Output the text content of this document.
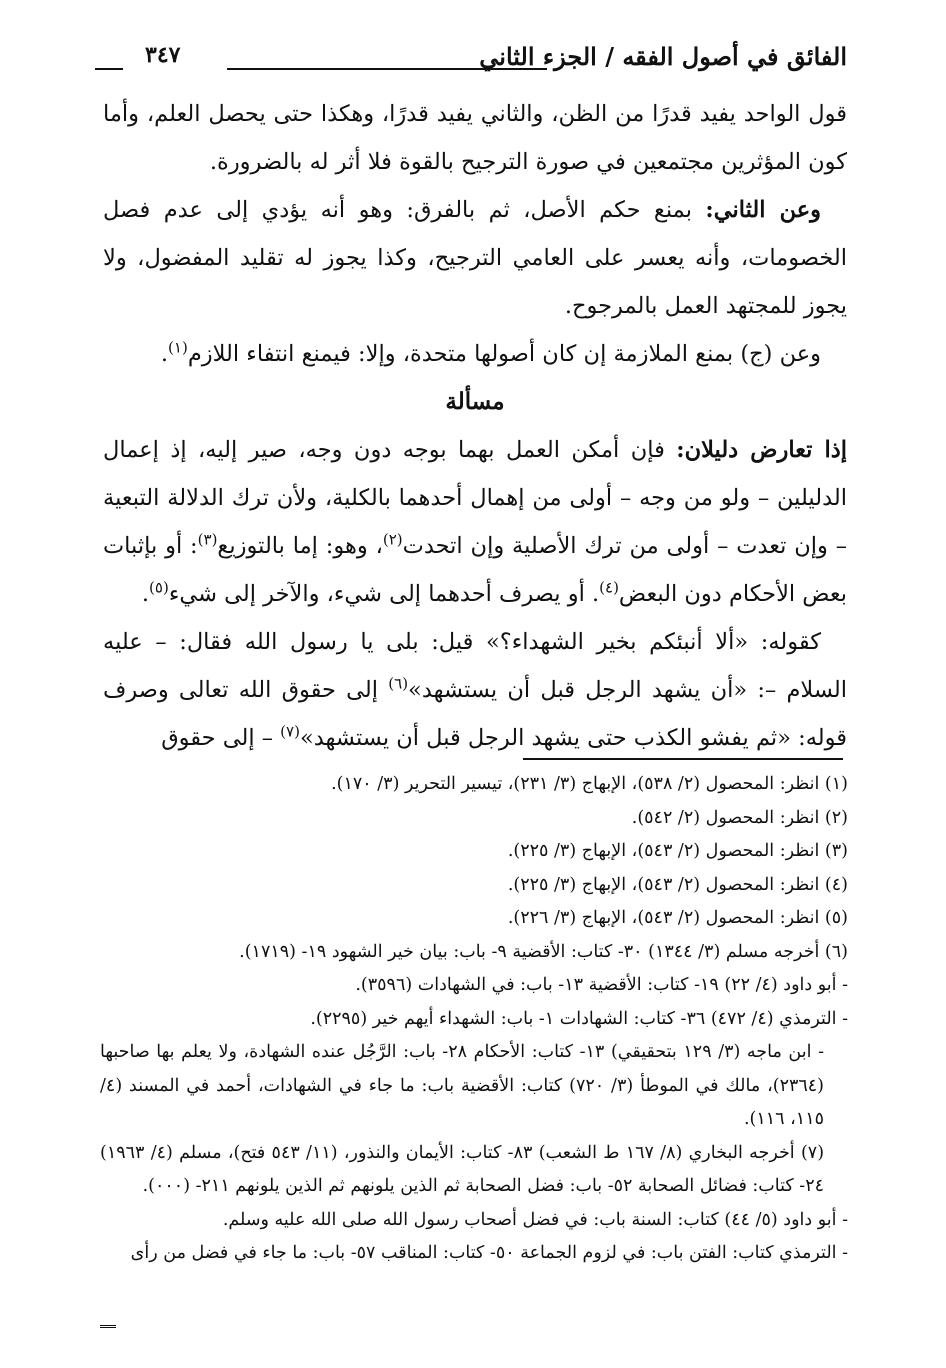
الفائق في أصول الفقه / الجزء الثاني
٣٤٧

قول الواحد يفيد قدرًا من الظن، والثاني يفيد قدرًا، وهكذا حتى يحصل العلم، وأما كون المؤثرين مجتمعين في صورة الترجيح بالقوة فلا أثر له بالضرورة.

وعن الثاني: بمنع حكم الأصل، ثم بالفرق: وهو أنه يؤدي إلى عدم فصل الخصومات، وأنه يعسر على العامي الترجيح، وكذا يجوز له تقليد المفضول، ولا يجوز للمجتهد العمل بالمرجوح.

وعن (ج) بمنع الملازمة إن كان أصولها متحدة، وإلا: فيمنع انتفاء اللازم$^{(١)}$.

مسألة

إذا تعارض دليلان: فإن أمكن العمل بهما بوجه دون وجه، صير إليه، إذ إعمال الدليلين – ولو من وجه – أولى من إهمال أحدهما بالكلية، ولأن ترك الدلالة التبعية – وإن تعدت – أولى من ترك الأصلية وإن اتحدت$^{(٢)}$، وهو: إما بالتوزيع$^{(٣)}$: أو بإثبات بعض الأحكام دون البعض$^{(٤)}$. أو يصرف أحدهما إلى شيء، والآخر إلى شيء$^{(٥)}$.

كقوله: «ألا أنبئكم بخير الشهداء؟» قيل: بلى يا رسول الله فقال: – عليه السلام –: «أن يشهد الرجل قبل أن يستشهد»$^{(٦)}$ إلى حقوق الله تعالى وصرف قوله: «ثم يفشو الكذب حتى يشهد الرجل قبل أن يستشهد»$^{(٧)}$ – إلى حقوق

(١) انظر: المحصول (٢/ ٥٣٨)، الإبهاج (٣/ ٢٣١)، تيسير التحرير (٣/ ١٧٠).

(٢) انظر: المحصول (٢/ ٥٤٢).

(٣) انظر: المحصول (٢/ ٥٤٣)، الإبهاج (٣/ ٢٢٥).

(٤) انظر: المحصول (٢/ ٥٤٣)، الإبهاج (٣/ ٢٢٥).

(٥) انظر: المحصول (٢/ ٥٤٣)، الإبهاج (٣/ ٢٢٦).

(٦) أخرجه مسلم (٣/ ١٣٤٤) ٣٠- كتاب: الأقضية ٩- باب: بيان خير الشهود ١٩- (١٧١٩).

- أبو داود (٤/ ٢٢) ١٩- كتاب: الأقضية ١٣- باب: في الشهادات (٣٥٩٦).

- الترمذي (٤/ ٤٧٢) ٣٦- كتاب: الشهادات ١- باب: الشهداء أيهم خير (٢٢٩٥).

- ابن ماجه (٣/ ١٢٩ بتحقيقي) ١٣- كتاب: الأحكام ٢٨- باب: الرَّجُل عنده الشهادة، ولا يعلم بها صاحبها (٢٣٦٤)، مالك في الموطأ (٣/ ٧٢٠) كتاب: الأقضية باب: ما جاء في الشهادات، أحمد في المسند (٤/ ١١٥، ١١٦).

(٧) أخرجه البخاري (٨/ ١٦٧ ط الشعب) ٨٣- كتاب: الأيمان والنذور، (١١/ ٥٤٣ فتح)، مسلم (٤/ ١٩٦٣) ٢٤- كتاب: فضائل الصحابة ٥٢- باب: فضل الصحابة ثم الذين يلونهم ثم الذين يلونهم ٢١١- (٠٠٠).

- أبو داود (٥/ ٤٤) كتاب: السنة باب: في فضل أصحاب رسول الله صلى الله عليه وسلم.

- الترمذي كتاب: الفتن باب: في لزوم الجماعة ٥٠- كتاب: المناقب ٥٧- باب: ما جاء في فضل من رأى
